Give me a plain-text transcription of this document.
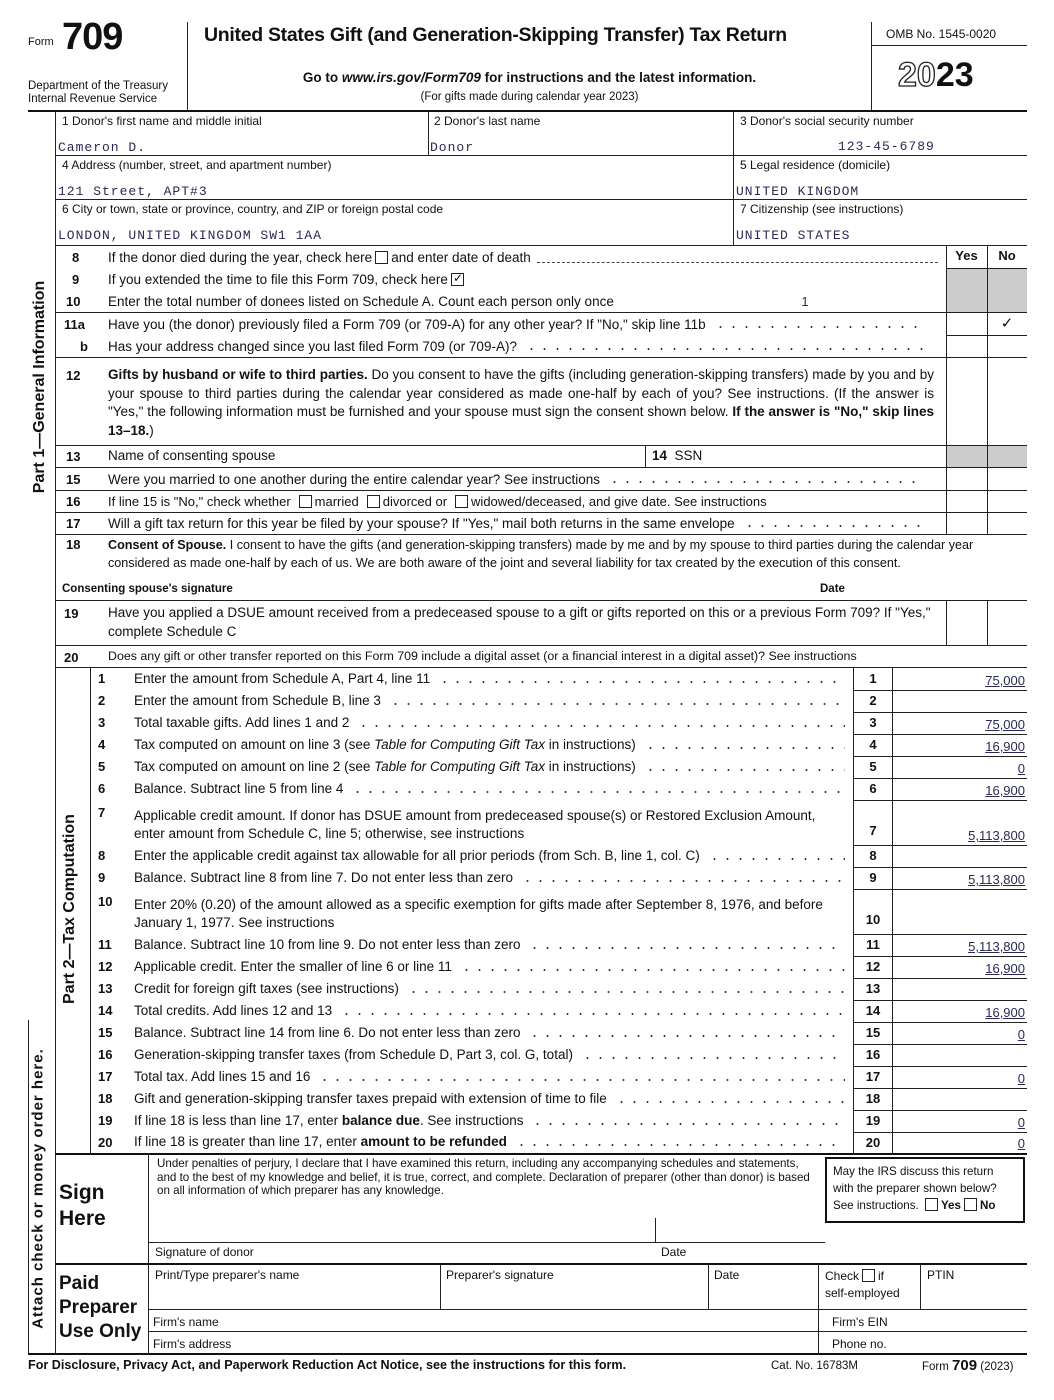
Form 709
Department of the Treasury
Internal Revenue Service
United States Gift (and Generation-Skipping Transfer) Tax Return
Go to www.irs.gov/Form709 for instructions and the latest information.
(For gifts made during calendar year 2023)
OMB No. 1545-0020
2023
Part 1—General Information
1 Donor's first name and middle initial
Cameron D.
2 Donor's last name
Donor
3 Donor's social security number
123-45-6789
4 Address (number, street, and apartment number)
121 Street, APT#3
5 Legal residence (domicile)
UNITED KINGDOM
6 City or town, state or province, country, and ZIP or foreign postal code
LONDON, UNITED KINGDOM SW1 1AA
7 Citizenship (see instructions)
UNITED STATES
Yes	No
8 If the donor died during the year, check here and enter date of death
9 If you extended the time to file this Form 709, check here ✓
10 Enter the total number of donees listed on Schedule A. Count each person only once	1
11a Have you (the donor) previously filed a Form 709 (or 709-A) for any other year? If "No," skip line 11b	✓
b Has your address changed since you last filed Form 709 (or 709-A)?
12 Gifts by husband or wife to third parties. Do you consent to have the gifts (including generation-skipping transfers) made by you and by your spouse to third parties during the calendar year considered as made one-half by each of you? See instructions. (If the answer is "Yes," the following information must be furnished and your spouse must sign the consent shown below. If the answer is "No," skip lines 13–18.)
13 Name of consenting spouse	14 SSN
15 Were you married to one another during the entire calendar year? See instructions
16 If line 15 is "No," check whether married divorced or widowed/deceased, and give date. See instructions
17 Will a gift tax return for this year be filed by your spouse? If "Yes," mail both returns in the same envelope
18 Consent of Spouse. I consent to have the gifts (and generation-skipping transfers) made by me and by my spouse to third parties during the calendar year considered as made one-half by each of us. We are both aware of the joint and several liability for tax created by the execution of this consent.
Consenting spouse's signature	Date
19 Have you applied a DSUE amount received from a predeceased spouse to a gift or gifts reported on this or a previous Form 709? If "Yes," complete Schedule C
20 Does any gift or other transfer reported on this Form 709 include a digital asset (or a financial interest in a digital asset)? See instructions
Part 2—Tax Computation
1	Enter the amount from Schedule A, Part 4, line 11	1	75,000
2	Enter the amount from Schedule B, line 3	2
3	Total taxable gifts. Add lines 1 and 2	3	75,000
4	Tax computed on amount on line 3 (see Table for Computing Gift Tax in instructions)	4	16,900
5	Tax computed on amount on line 2 (see Table for Computing Gift Tax in instructions)	5	0
6	Balance. Subtract line 5 from line 4	6	16,900
7	Applicable credit amount. If donor has DSUE amount from predeceased spouse(s) or Restored Exclusion Amount, enter amount from Schedule C, line 5; otherwise, see instructions	7	5,113,800
8	Enter the applicable credit against tax allowable for all prior periods (from Sch. B, line 1, col. C)	8
9	Balance. Subtract line 8 from line 7. Do not enter less than zero	9	5,113,800
10	Enter 20% (0.20) of the amount allowed as a specific exemption for gifts made after September 8, 1976, and before January 1, 1977. See instructions	10
11	Balance. Subtract line 10 from line 9. Do not enter less than zero	11	5,113,800
12	Applicable credit. Enter the smaller of line 6 or line 11	12	16,900
13	Credit for foreign gift taxes (see instructions)	13
14	Total credits. Add lines 12 and 13	14	16,900
15	Balance. Subtract line 14 from line 6. Do not enter less than zero	15	0
16	Generation-skipping transfer taxes (from Schedule D, Part 3, col. G, total)	16
17	Total tax. Add lines 15 and 16	17	0
18	Gift and generation-skipping transfer taxes prepaid with extension of time to file	18
19	If line 18 is less than line 17, enter balance due. See instructions	19	0
20	If line 18 is greater than line 17, enter amount to be refunded	20	0
Attach check or money order here. Sign
Here
Under penalties of perjury, I declare that I have examined this return, including any accompanying schedules and statements, and to the best of my knowledge and belief, it is true, correct, and complete. Declaration of preparer (other than donor) is based on all information of which preparer has any knowledge.
May the IRS discuss this return with the preparer shown below? See instructions. Yes No
Signature of donor	Date
Paid
Preparer
Use Only
Print/Type preparer's name	Preparer's signature	Date	Check if
self-employed
PTIN
Firm's name	Firm's EIN
Firm's address	Phone no.
For Disclosure, Privacy Act, and Paperwork Reduction Act Notice, see the instructions for this form.	Cat. No. 16783M	Form 709 (2023)
